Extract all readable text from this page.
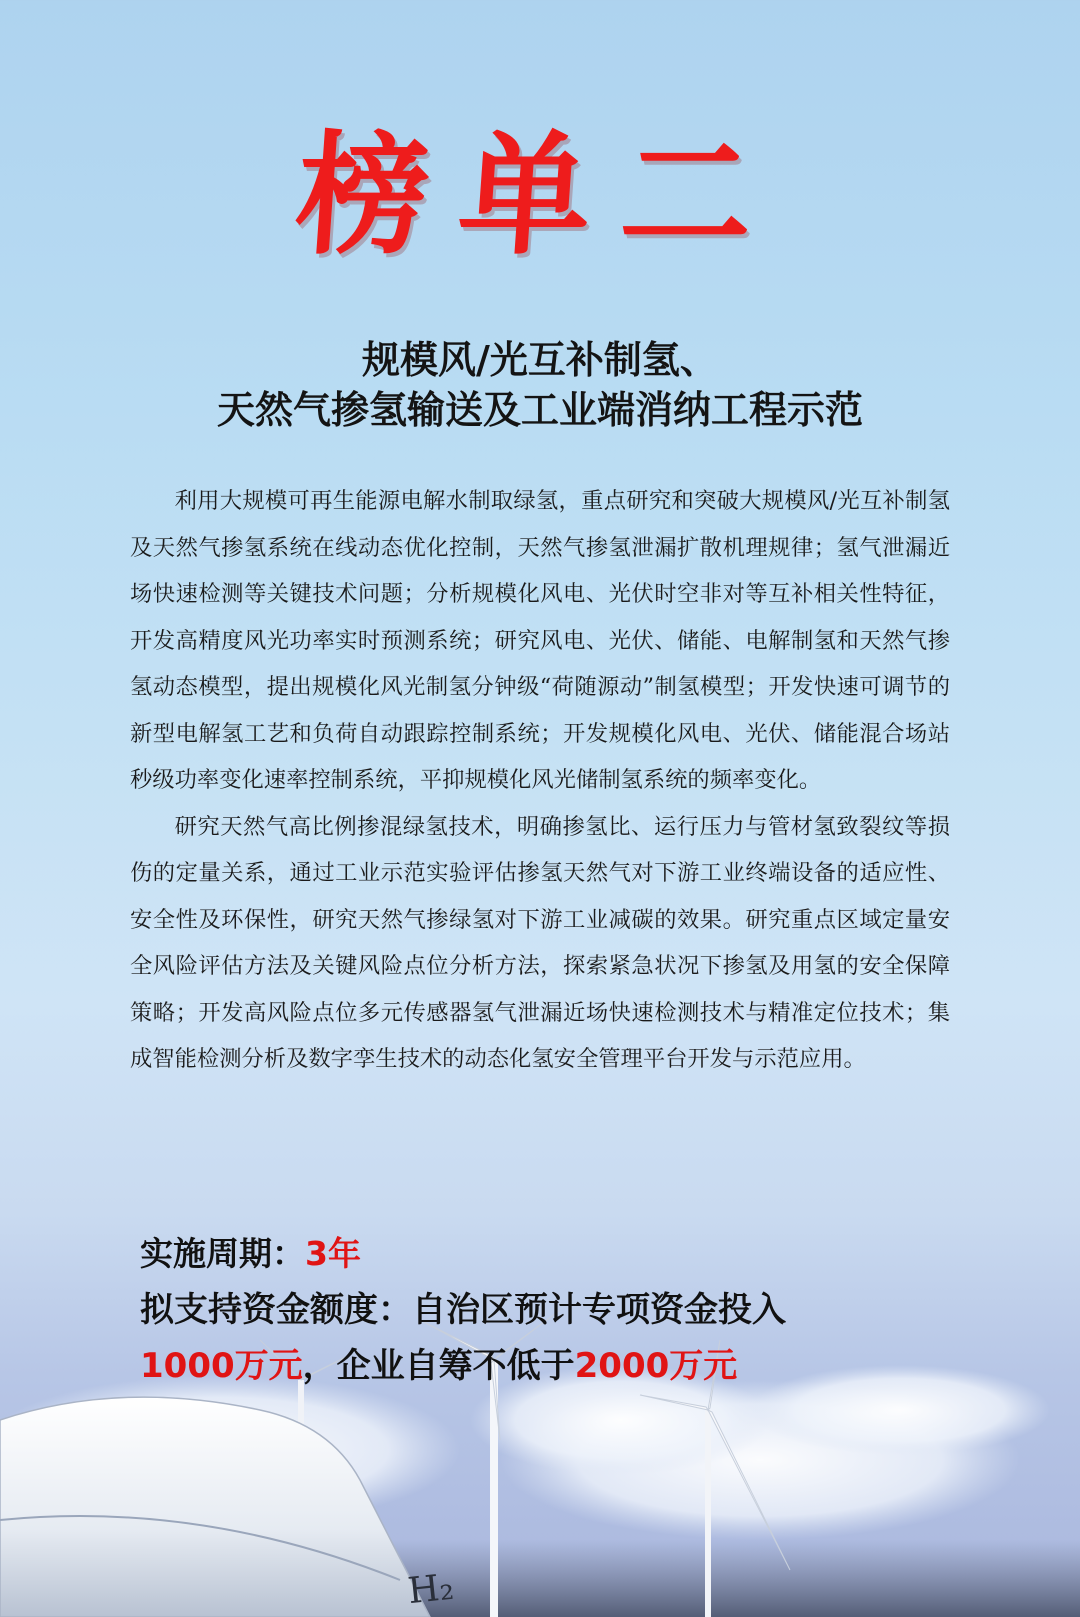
榜单二
规模风/光互补制氢、
天然气掺氢输送及工业端消纳工程示范

利用大规模可再生能源电解水制取绿氢，重点研究和突破大规模风/光互补制氢及天然气掺氢系统在线动态优化控制，天然气掺氢泄漏扩散机理规律；氢气泄漏近场快速检测等关键技术问题；分析规模化风电、光伏时空非对等互补相关性特征，开发高精度风光功率实时预测系统；研究风电、光伏、储能、电解制氢和天然气掺氢动态模型，提出规模化风光制氢分钟级“荷随源动”制氢模型；开发快速可调节的新型电解氢工艺和负荷自动跟踪控制系统；开发规模化风电、光伏、储能混合场站秒级功率变化速率控制系统，平抑规模化风光储制氢系统的频率变化。

研究天然气高比例掺混绿氢技术，明确掺氢比、运行压力与管材氢致裂纹等损伤的定量关系，通过工业示范实验评估掺氢天然气对下游工业终端设备的适应性、安全性及环保性，研究天然气掺绿氢对下游工业减碳的效果。研究重点区域定量安全风险评估方法及关键风险点位分析方法，探索紧急状况下掺氢及用氢的安全保障策略；开发高风险点位多元传感器氢气泄漏近场快速检测技术与精准定位技术；集成智能检测分析及数字孪生技术的动态化氢安全管理平台开发与示范应用。

H₂
实施周期：3年
拟支持资金额度：自治区预计专项资金投入
1000万元，企业自筹不低于2000万元
